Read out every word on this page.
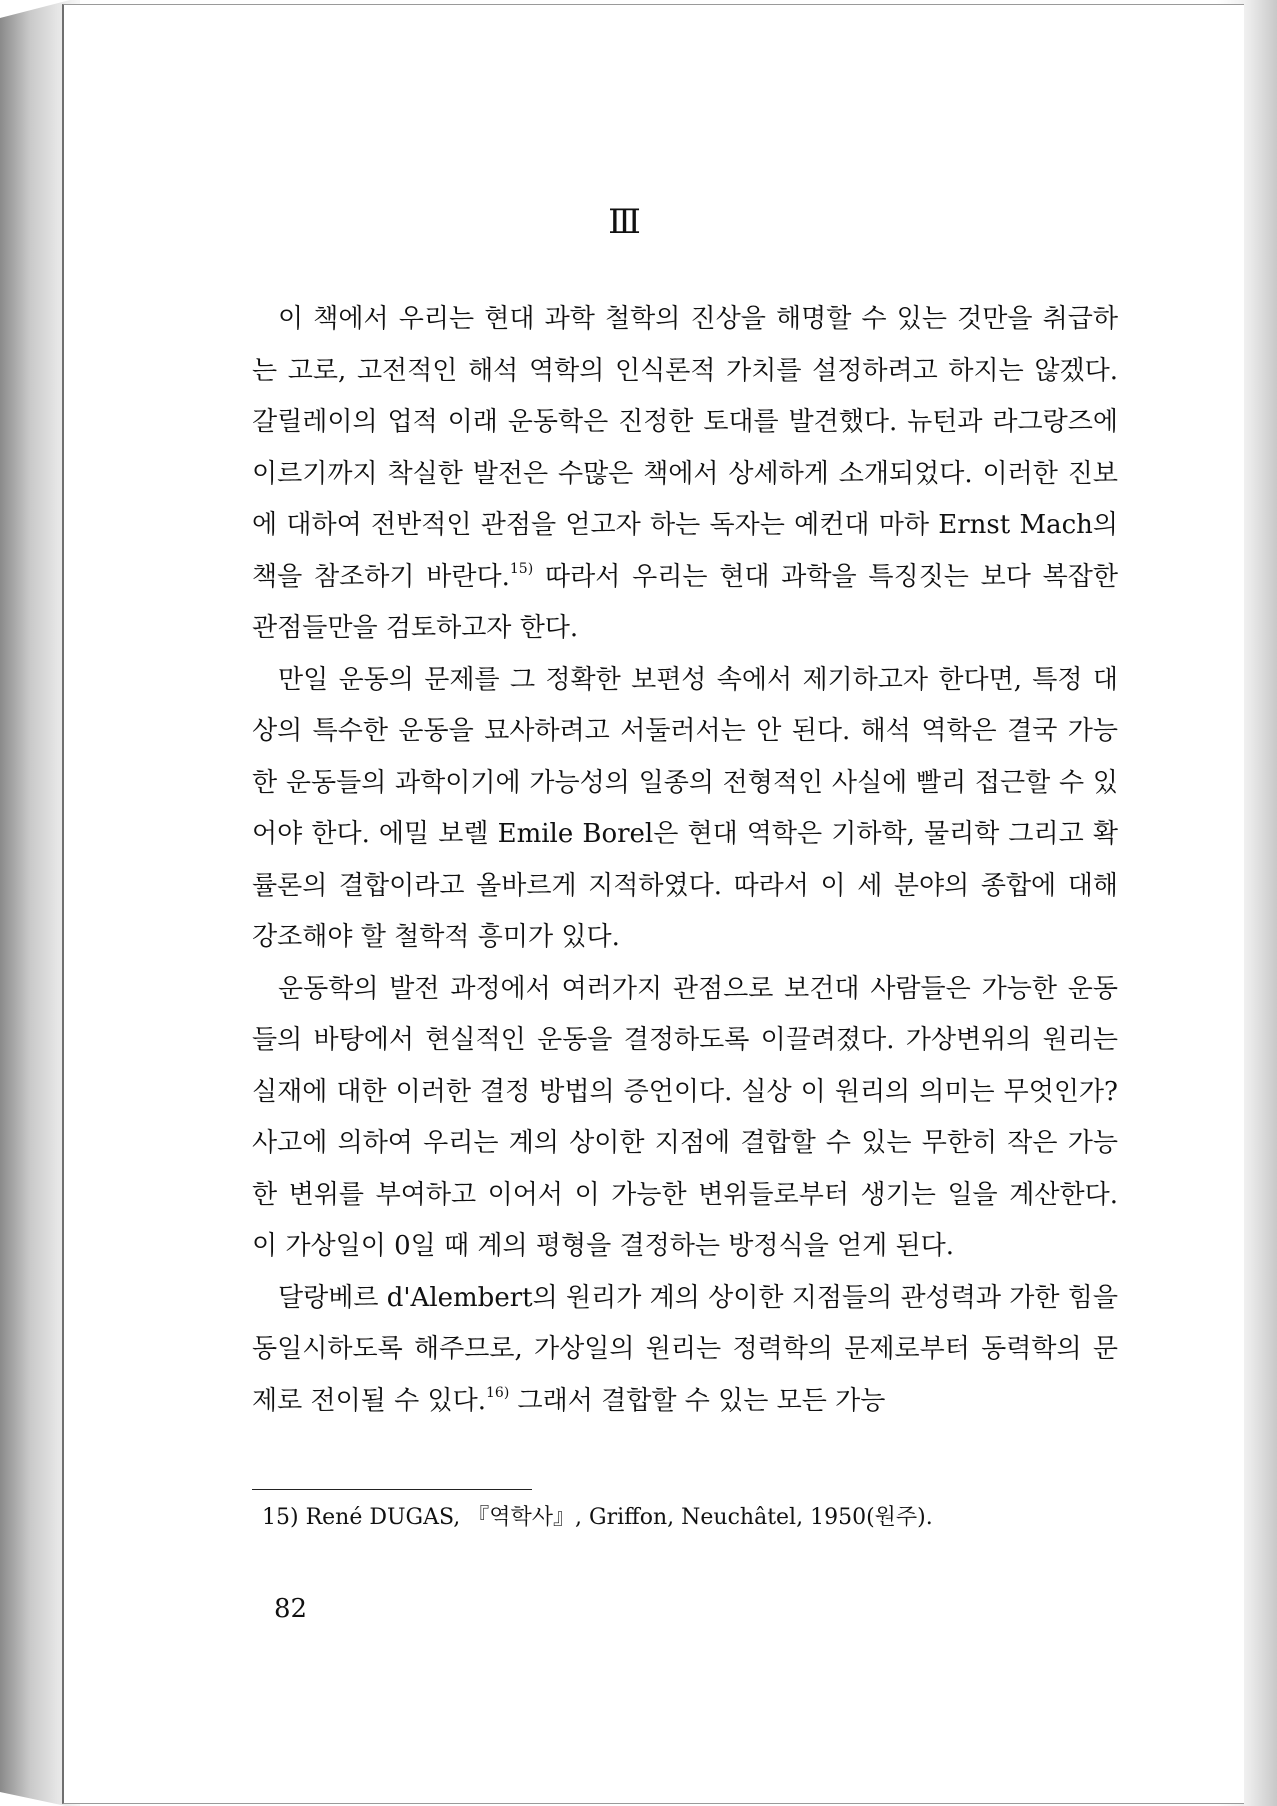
Ⅲ

이 책에서 우리는 현대 과학 철학의 진상을 해명할 수 있는 것만을 취급하는 고로, 고전적인 해석 역학의 인식론적 가치를 설정하려고 하지는 않겠다. 갈릴레이의 업적 이래 운동학은 진정한 토대를 발견했다. 뉴턴과 라그랑즈에 이르기까지 착실한 발전은 수많은 책에서 상세하게 소개되었다. 이러한 진보에 대하여 전반적인 관점을 얻고자 하는 독자는 예컨대 마하 Ernst Mach의 책을 참조하기 바란다.$^{15)}$ 따라서 우리는 현대 과학을 특징짓는 보다 복잡한 관점들만을 검토하고자 한다.

만일 운동의 문제를 그 정확한 보편성 속에서 제기하고자 한다면, 특정 대상의 특수한 운동을 묘사하려고 서둘러서는 안 된다. 해석 역학은 결국 가능한 운동들의 과학이기에 가능성의 일종의 전형적인 사실에 빨리 접근할 수 있어야 한다. 에밀 보렐 Emile Borel은 현대 역학은 기하학, 물리학 그리고 확률론의 결합이라고 올바르게 지적하였다. 따라서 이 세 분야의 종합에 대해 강조해야 할 철학적 흥미가 있다.

운동학의 발전 과정에서 여러가지 관점으로 보건대 사람들은 가능한 운동들의 바탕에서 현실적인 운동을 결정하도록 이끌려졌다. 가상변위의 원리는 실재에 대한 이러한 결정 방법의 증언이다. 실상 이 원리의 의미는 무엇인가? 사고에 의하여 우리는 계의 상이한 지점에 결합할 수 있는 무한히 작은 가능한 변위를 부여하고 이어서 이 가능한 변위들로부터 생기는 일을 계산한다. 이 가상일이 0일 때 계의 평형을 결정하는 방정식을 얻게 된다.

달랑베르 d'Alembert의 원리가 계의 상이한 지점들의 관성력과 가한 힘을 동일시하도록 해주므로, 가상일의 원리는 정력학의 문제로부터 동력학의 문제로 전이될 수 있다.$^{16)}$ 그래서 결합할 수 있는 모든 가능

15) René DUGAS, 『역학사』, Griffon, Neuchâtel, 1950(원주).
82
